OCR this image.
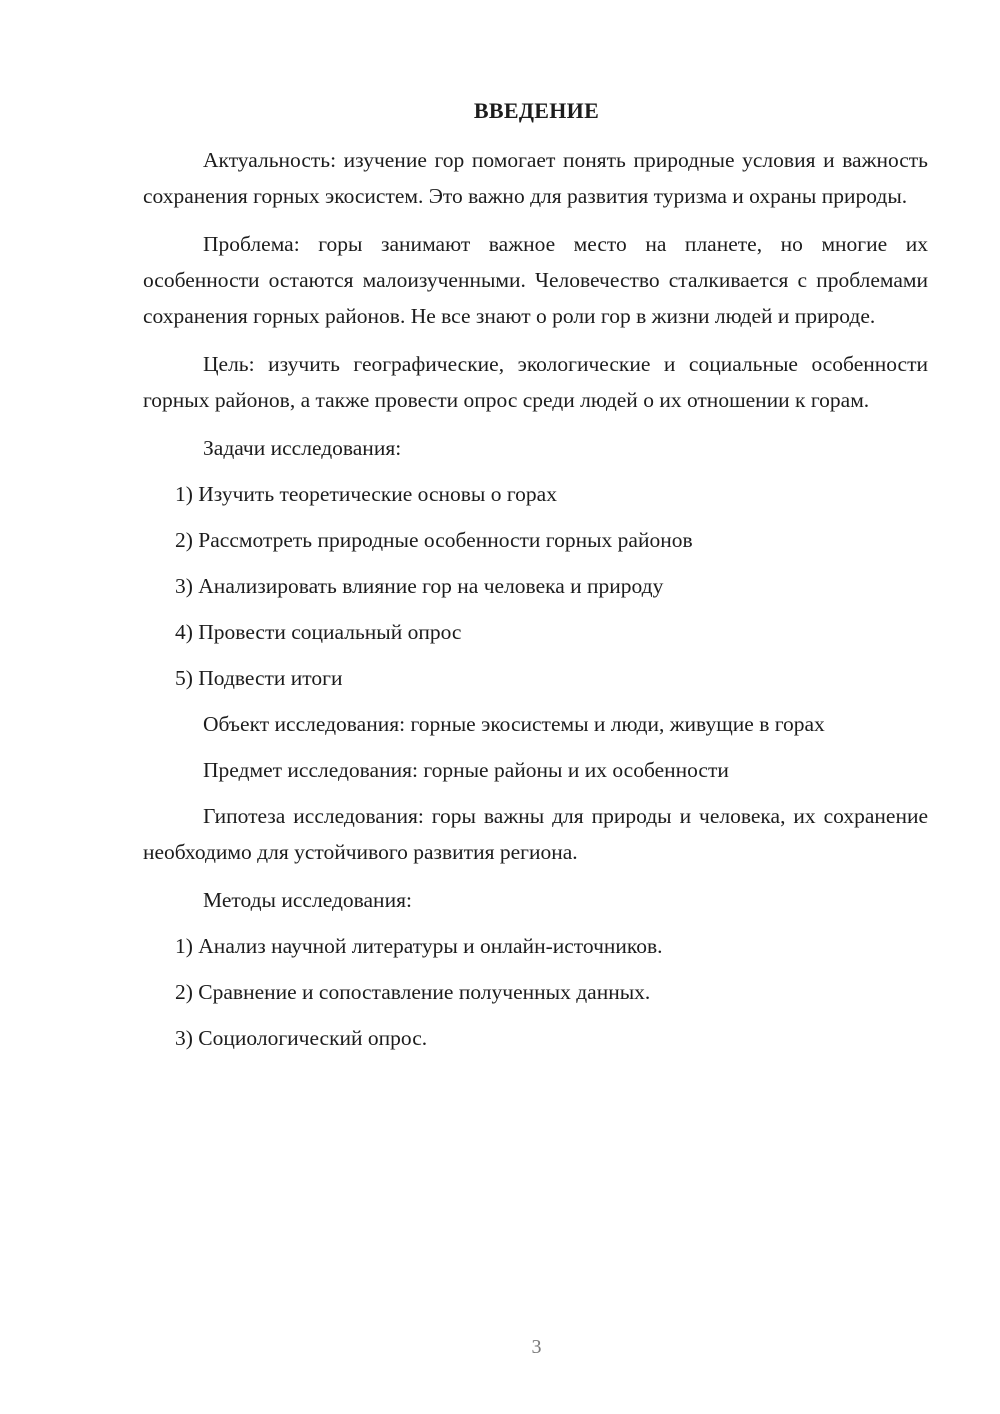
ВВЕДЕНИЕ

Актуальность: изучение гор помогает понять природные условия и важность сохранения горных экосистем. Это важно для развития туризма и охраны природы.

Проблема: горы занимают важное место на планете, но многие их особенности остаются малоизученными. Человечество сталкивается с проблемами сохранения горных районов. Не все знают о роли гор в жизни людей и природе.

Цель: изучить географические, экологические и социальные особенности горных районов, а также провести опрос среди людей о их отношении к горам.

Задачи исследования:

1) Изучить теоретические основы о горах

2) Рассмотреть природные особенности горных районов

3) Анализировать влияние гор на человека и природу

4) Провести социальный опрос

5) Подвести итоги

Объект исследования: горные экосистемы и люди, живущие в горах

Предмет исследования: горные районы и их особенности

Гипотеза исследования: горы важны для природы и человека, их сохранение необходимо для устойчивого развития региона.

Методы исследования:

1) Анализ научной литературы и онлайн-источников.

2) Сравнение и сопоставление полученных данных.

3) Социологический опрос.

3
